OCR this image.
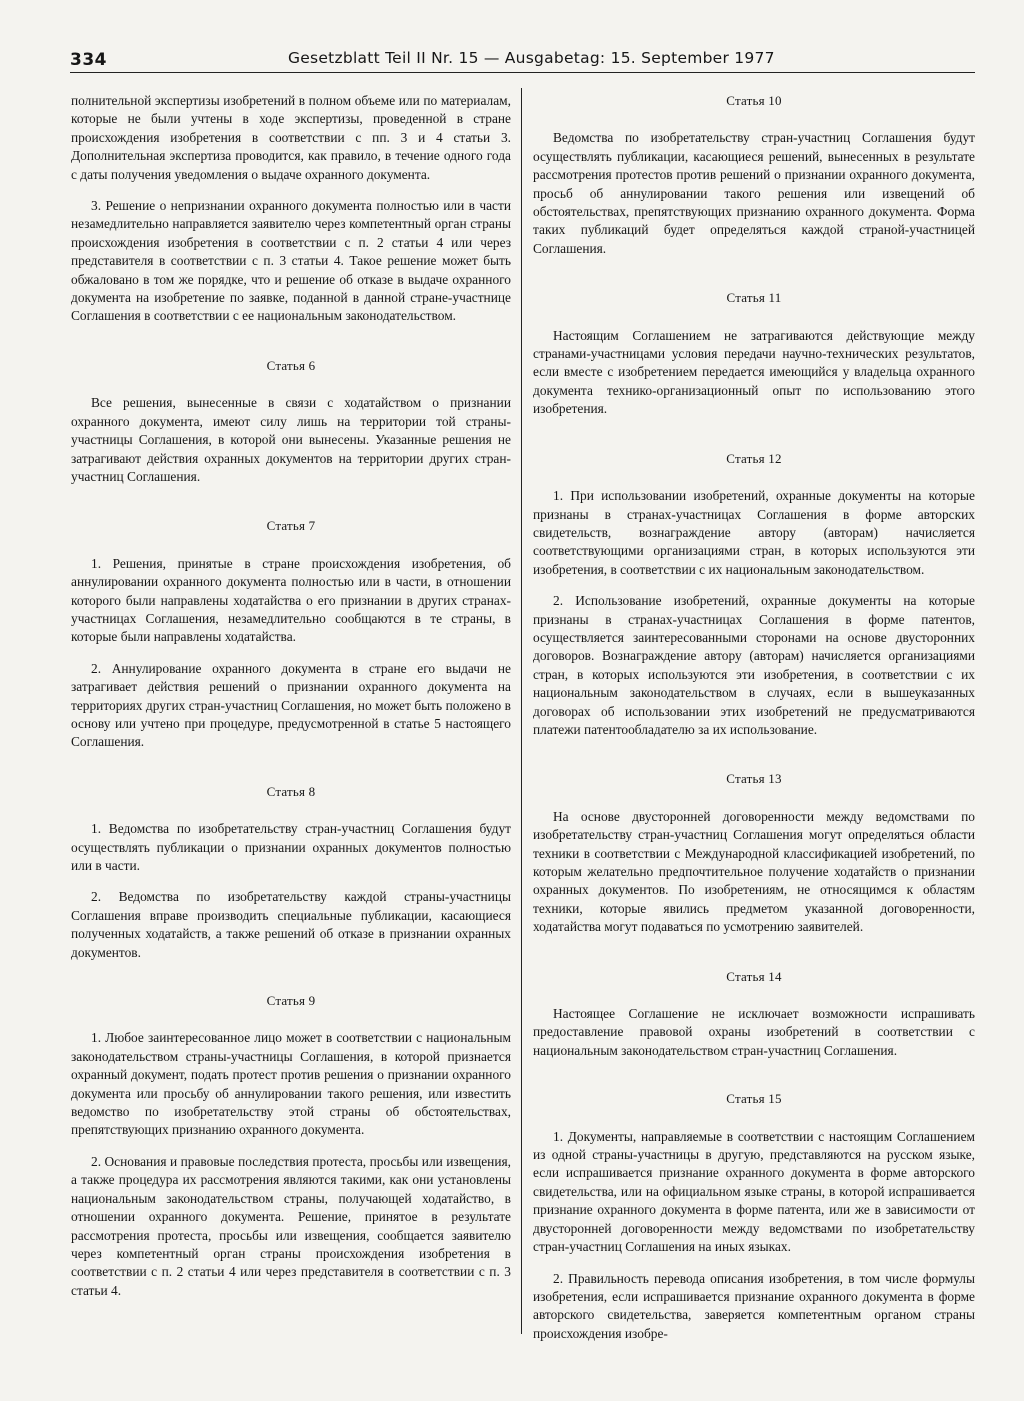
334	Gesetzblatt Teil II Nr. 15 — Ausgabetag: 15. September 1977

полнительной экспертизы изобретений в полном объеме или по материалам, которые не были учтены в ходе экспертизы, проведенной в стране происхождения изобретения в соответствии с пп. 3 и 4 статьи 3. Дополнительная экспертиза проводится, как правило, в течение одного года с даты получения уведомления о выдаче охранного документа.

3. Решение о непризнании охранного документа полностью или в части незамедлительно направляется заявителю через компетентный орган страны происхождения изобретения в соответствии с п. 2 статьи 4 или через представителя в соответствии с п. 3 статьи 4. Такое решение может быть обжаловано в том же порядке, что и решение об отказе в выдаче охранного документа на изобретение по заявке, поданной в данной стране-участнице Соглашения в соответствии с ее национальным законодательством.

Статья 6

Все решения, вынесенные в связи с ходатайством о признании охранного документа, имеют силу лишь на территории той страны-участницы Соглашения, в которой они вынесены. Указанные решения не затрагивают действия охранных документов на территории других стран-участниц Соглашения.

Статья 7

1. Решения, принятые в стране происхождения изобретения, об аннулировании охранного документа полностью или в части, в отношении которого были направлены ходатайства о его признании в других странах-участницах Соглашения, незамедлительно сообщаются в те страны, в которые были направлены ходатайства.

2. Аннулирование охранного документа в стране его выдачи не затрагивает действия решений о признании охранного документа на территориях других стран-участниц Соглашения, но может быть положено в основу или учтено при процедуре, предусмотренной в статье 5 настоящего Соглашения.

Статья 8

1. Ведомства по изобретательству стран-участниц Соглашения будут осуществлять публикации о признании охранных документов полностью или в части.

2. Ведомства по изобретательству каждой страны-участницы Соглашения вправе производить специальные публикации, касающиеся полученных ходатайств, а также решений об отказе в признании охранных документов.

Статья 9

1. Любое заинтересованное лицо может в соответствии с национальным законодательством страны-участницы Соглашения, в которой признается охранный документ, подать протест против решения о признании охранного документа или просьбу об аннулировании такого решения, или известить ведомство по изобретательству этой страны об обстоятельствах, препятствующих признанию охранного документа.

2. Основания и правовые последствия протеста, просьбы или извещения, а также процедура их рассмотрения являются такими, как они установлены национальным законодательством страны, получающей ходатайство, в отношении охранного документа. Решение, принятое в результате рассмотрения протеста, просьбы или извещения, сообщается заявителю через компетентный орган страны происхождения изобретения в соответствии с п. 2 статьи 4 или через представителя в соответствии с п. 3 статьи 4.

Статья 10

Ведомства по изобретательству стран-участниц Соглашения будут осуществлять публикации, касающиеся решений, вынесенных в результате рассмотрения протестов против решений о признании охранного документа, просьб об аннулировании такого решения или извещений об обстоятельствах, препятствующих признанию охранного документа. Форма таких публикаций будет определяться каждой страной-участницей Соглашения.

Статья 11

Настоящим Соглашением не затрагиваются действующие между странами-участницами условия передачи научно-технических результатов, если вместе с изобретением передается имеющийся у владельца охранного документа технико-организационный опыт по использованию этого изобретения.

Статья 12

1. При использовании изобретений, охранные документы на которые признаны в странах-участницах Соглашения в форме авторских свидетельств, вознаграждение автору (авторам) начисляется соответствующими организациями стран, в которых используются эти изобретения, в соответствии с их национальным законодательством.

2. Использование изобретений, охранные документы на которые признаны в странах-участницах Соглашения в форме патентов, осуществляется заинтересованными сторонами на основе двусторонних договоров. Вознаграждение автору (авторам) начисляется организациями стран, в которых используются эти изобретения, в соответствии с их национальным законодательством в случаях, если в вышеуказанных договорах об использовании этих изобретений не предусматриваются платежи патентообладателю за их использование.

Статья 13

На основе двусторонней договоренности между ведомствами по изобретательству стран-участниц Соглашения могут определяться области техники в соответствии с Международной классификацией изобретений, по которым желательно предпочтительное получение ходатайств о признании охранных документов. По изобретениям, не относящимся к областям техники, которые явились предметом указанной договоренности, ходатайства могут подаваться по усмотрению заявителей.

Статья 14

Настоящее Соглашение не исключает возможности испрашивать предоставление правовой охраны изобретений в соответствии с национальным законодательством стран-участниц Соглашения.

Статья 15

1. Документы, направляемые в соответствии с настоящим Соглашением из одной страны-участницы в другую, представляются на русском языке, если испрашивается признание охранного документа в форме авторского свидетельства, или на официальном языке страны, в которой испрашивается признание охранного документа в форме патента, или же в зависимости от двусторонней договоренности между ведомствами по изобретательству стран-участниц Соглашения на иных языках.

2. Правильность перевода описания изобретения, в том числе формулы изобретения, если испрашивается признание охранного документа в форме авторского свидетельства, заверяется компетентным органом страны происхождения изобре-
